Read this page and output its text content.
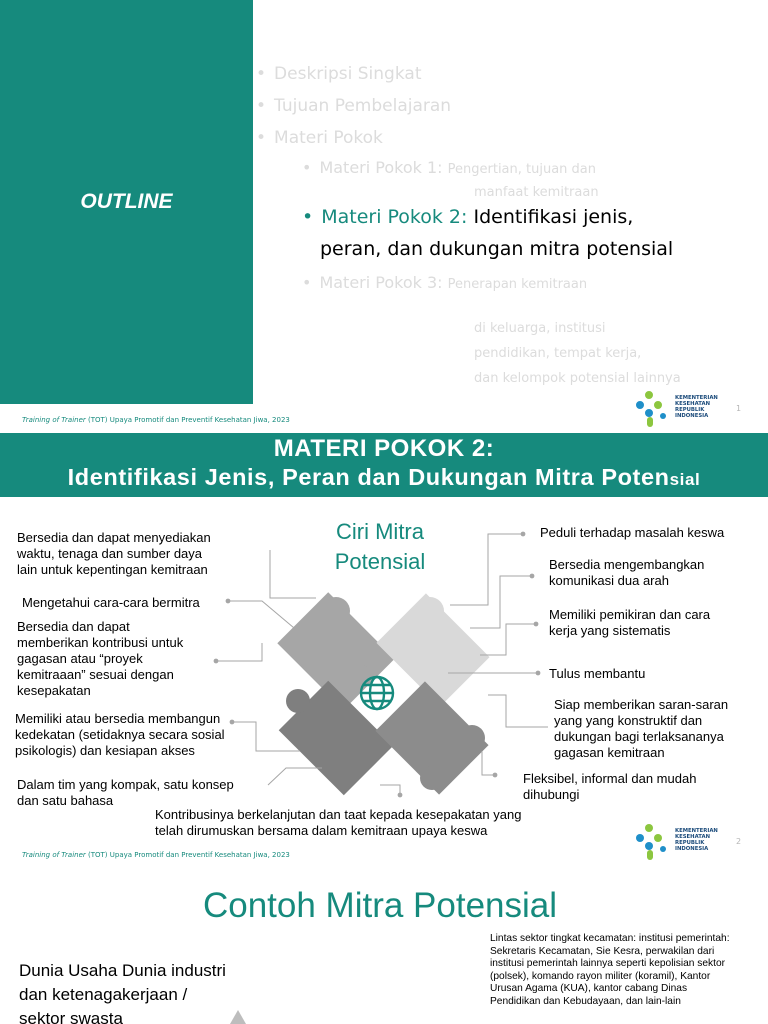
OUTLINE
• Deskripsi Singkat
• Tujuan Pembelajaran
• Materi Pokok
• Materi Pokok 1: Pengertian, tujuan dan
manfaat kemitraan
• Materi Pokok 2: Identifikasi jenis,
peran, dan dukungan mitra potensial
• Materi Pokok 3: Penerapan kemitraan
di keluarga, institusi
pendidikan, tempat kerja,
dan kelompok potensial lainnya
Training of Trainer (TOT) Upaya Promotif dan Preventif Kesehatan Jiwa, 2023
1
KEMENTERIAN
KESEHATAN
REPUBLIK
INDONESIA
MATERI POKOK 2:
Identifikasi Jenis, Peran dan Dukungan Mitra Potensial
Ciri Mitra
Potensial
Bersedia dan dapat menyediakan
waktu, tenaga dan sumber daya
lain untuk kepentingan kemitraan
Mengetahui cara-cara bermitra
Bersedia dan dapat
memberikan kontribusi untuk
gagasan atau “proyek
kemitraaan” sesuai dengan
kesepakatan
Memiliki atau bersedia membangun
kedekatan (setidaknya secara sosial
psikologis) dan kesiapan akses
Dalam tim yang kompak, satu konsep
dan satu bahasa
Peduli terhadap masalah keswa
Bersedia mengembangkan
komunikasi dua arah
Memiliki pemikiran dan cara
kerja yang sistematis
Tulus membantu
Siap memberikan saran-saran
yang yang konstruktif dan
dukungan bagi terlaksananya
gagasan kemitraan
Fleksibel, informal dan mudah
dihubungi
Kontribusinya berkelanjutan dan taat kepada kesepakatan yang
telah dirumuskan bersama dalam kemitraan upaya keswa
Training of Trainer (TOT) Upaya Promotif dan Preventif Kesehatan Jiwa, 2023
2
KEMENTERIAN
KESEHATAN
REPUBLIK
INDONESIA
Contoh Mitra Potensial
Dunia Usaha Dunia industri
dan ketenagakerjaan /
sektor swasta
Lintas sektor tingkat kecamatan: institusi pemerintah:
Sekretaris Kecamatan, Sie Kesra, perwakilan dari
institusi pemerintah lainnya seperti kepolisian sektor
(polsek), komando rayon militer (koramil), Kantor
Urusan Agama (KUA), kantor cabang Dinas
Pendidikan dan Kebudayaan, dan lain-lain
